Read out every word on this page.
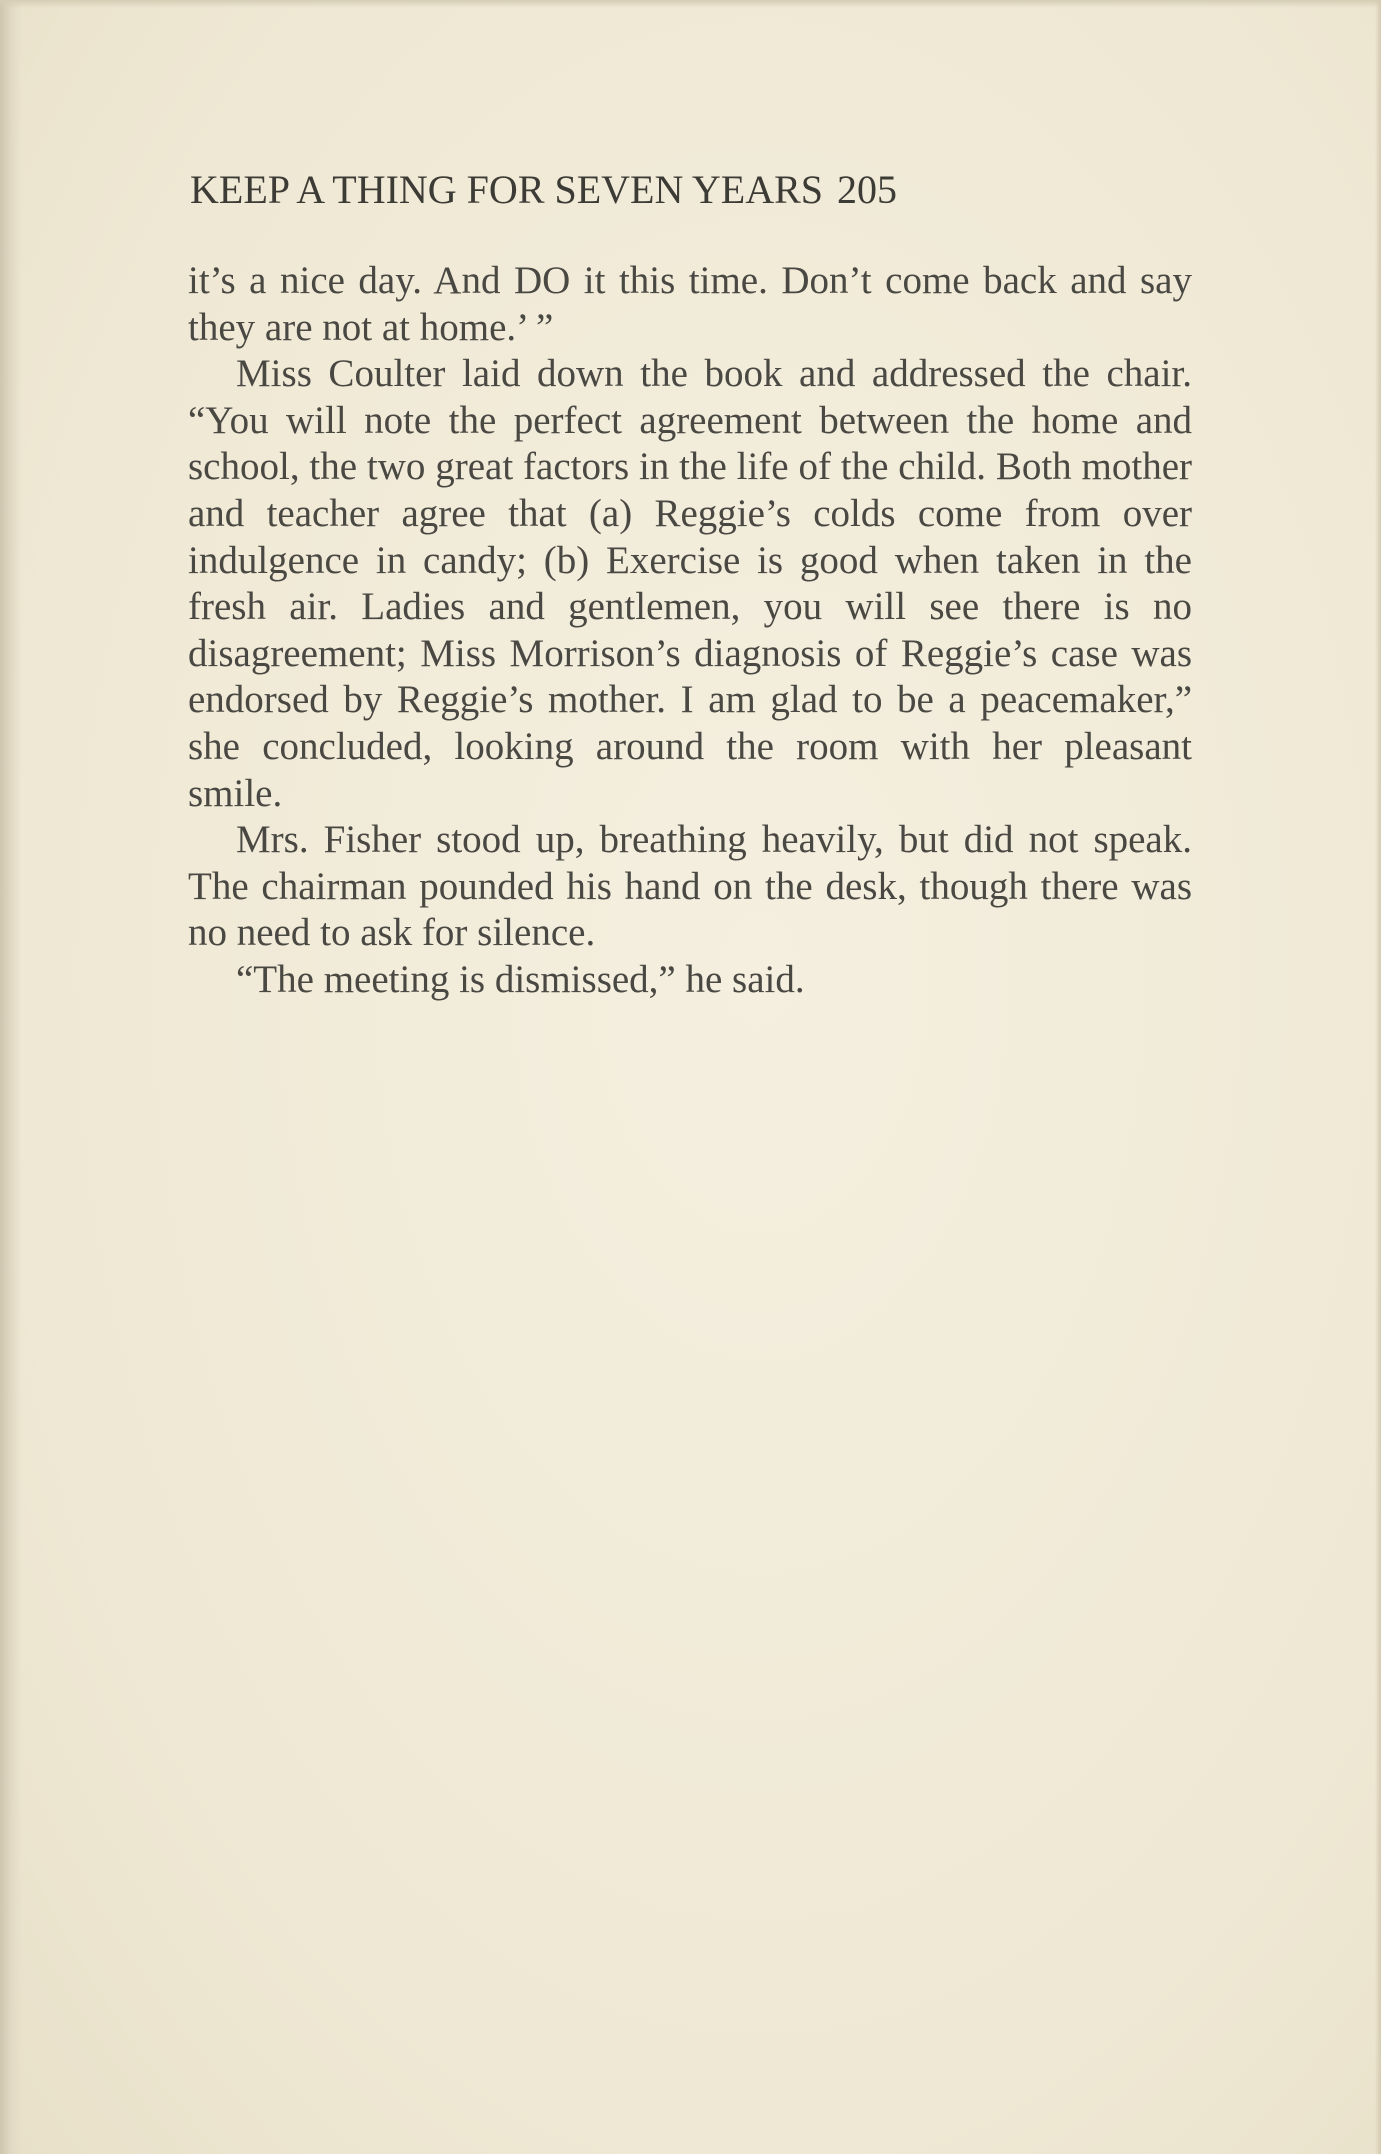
KEEP A THING FOR SEVEN YEARS 205

it’s a nice day. And DO it this time. Don’t come back and say they are not at home.’ ”

Miss Coulter laid down the book and addressed the chair. “You will note the perfect agreement between the home and school, the two great factors in the life of the child. Both mother and teacher agree that (a) Reggie’s colds come from over indulgence in candy; (b) Exercise is good when taken in the fresh air. Ladies and gentlemen, you will see there is no disagreement; Miss Morrison’s diagnosis of Reggie’s case was endorsed by Reggie’s mother. I am glad to be a peacemaker,” she concluded, looking around the room with her pleasant smile.

Mrs. Fisher stood up, breathing heavily, but did not speak. The chairman pounded his hand on the desk, though there was no need to ask for silence.

“The meeting is dismissed,” he said.
